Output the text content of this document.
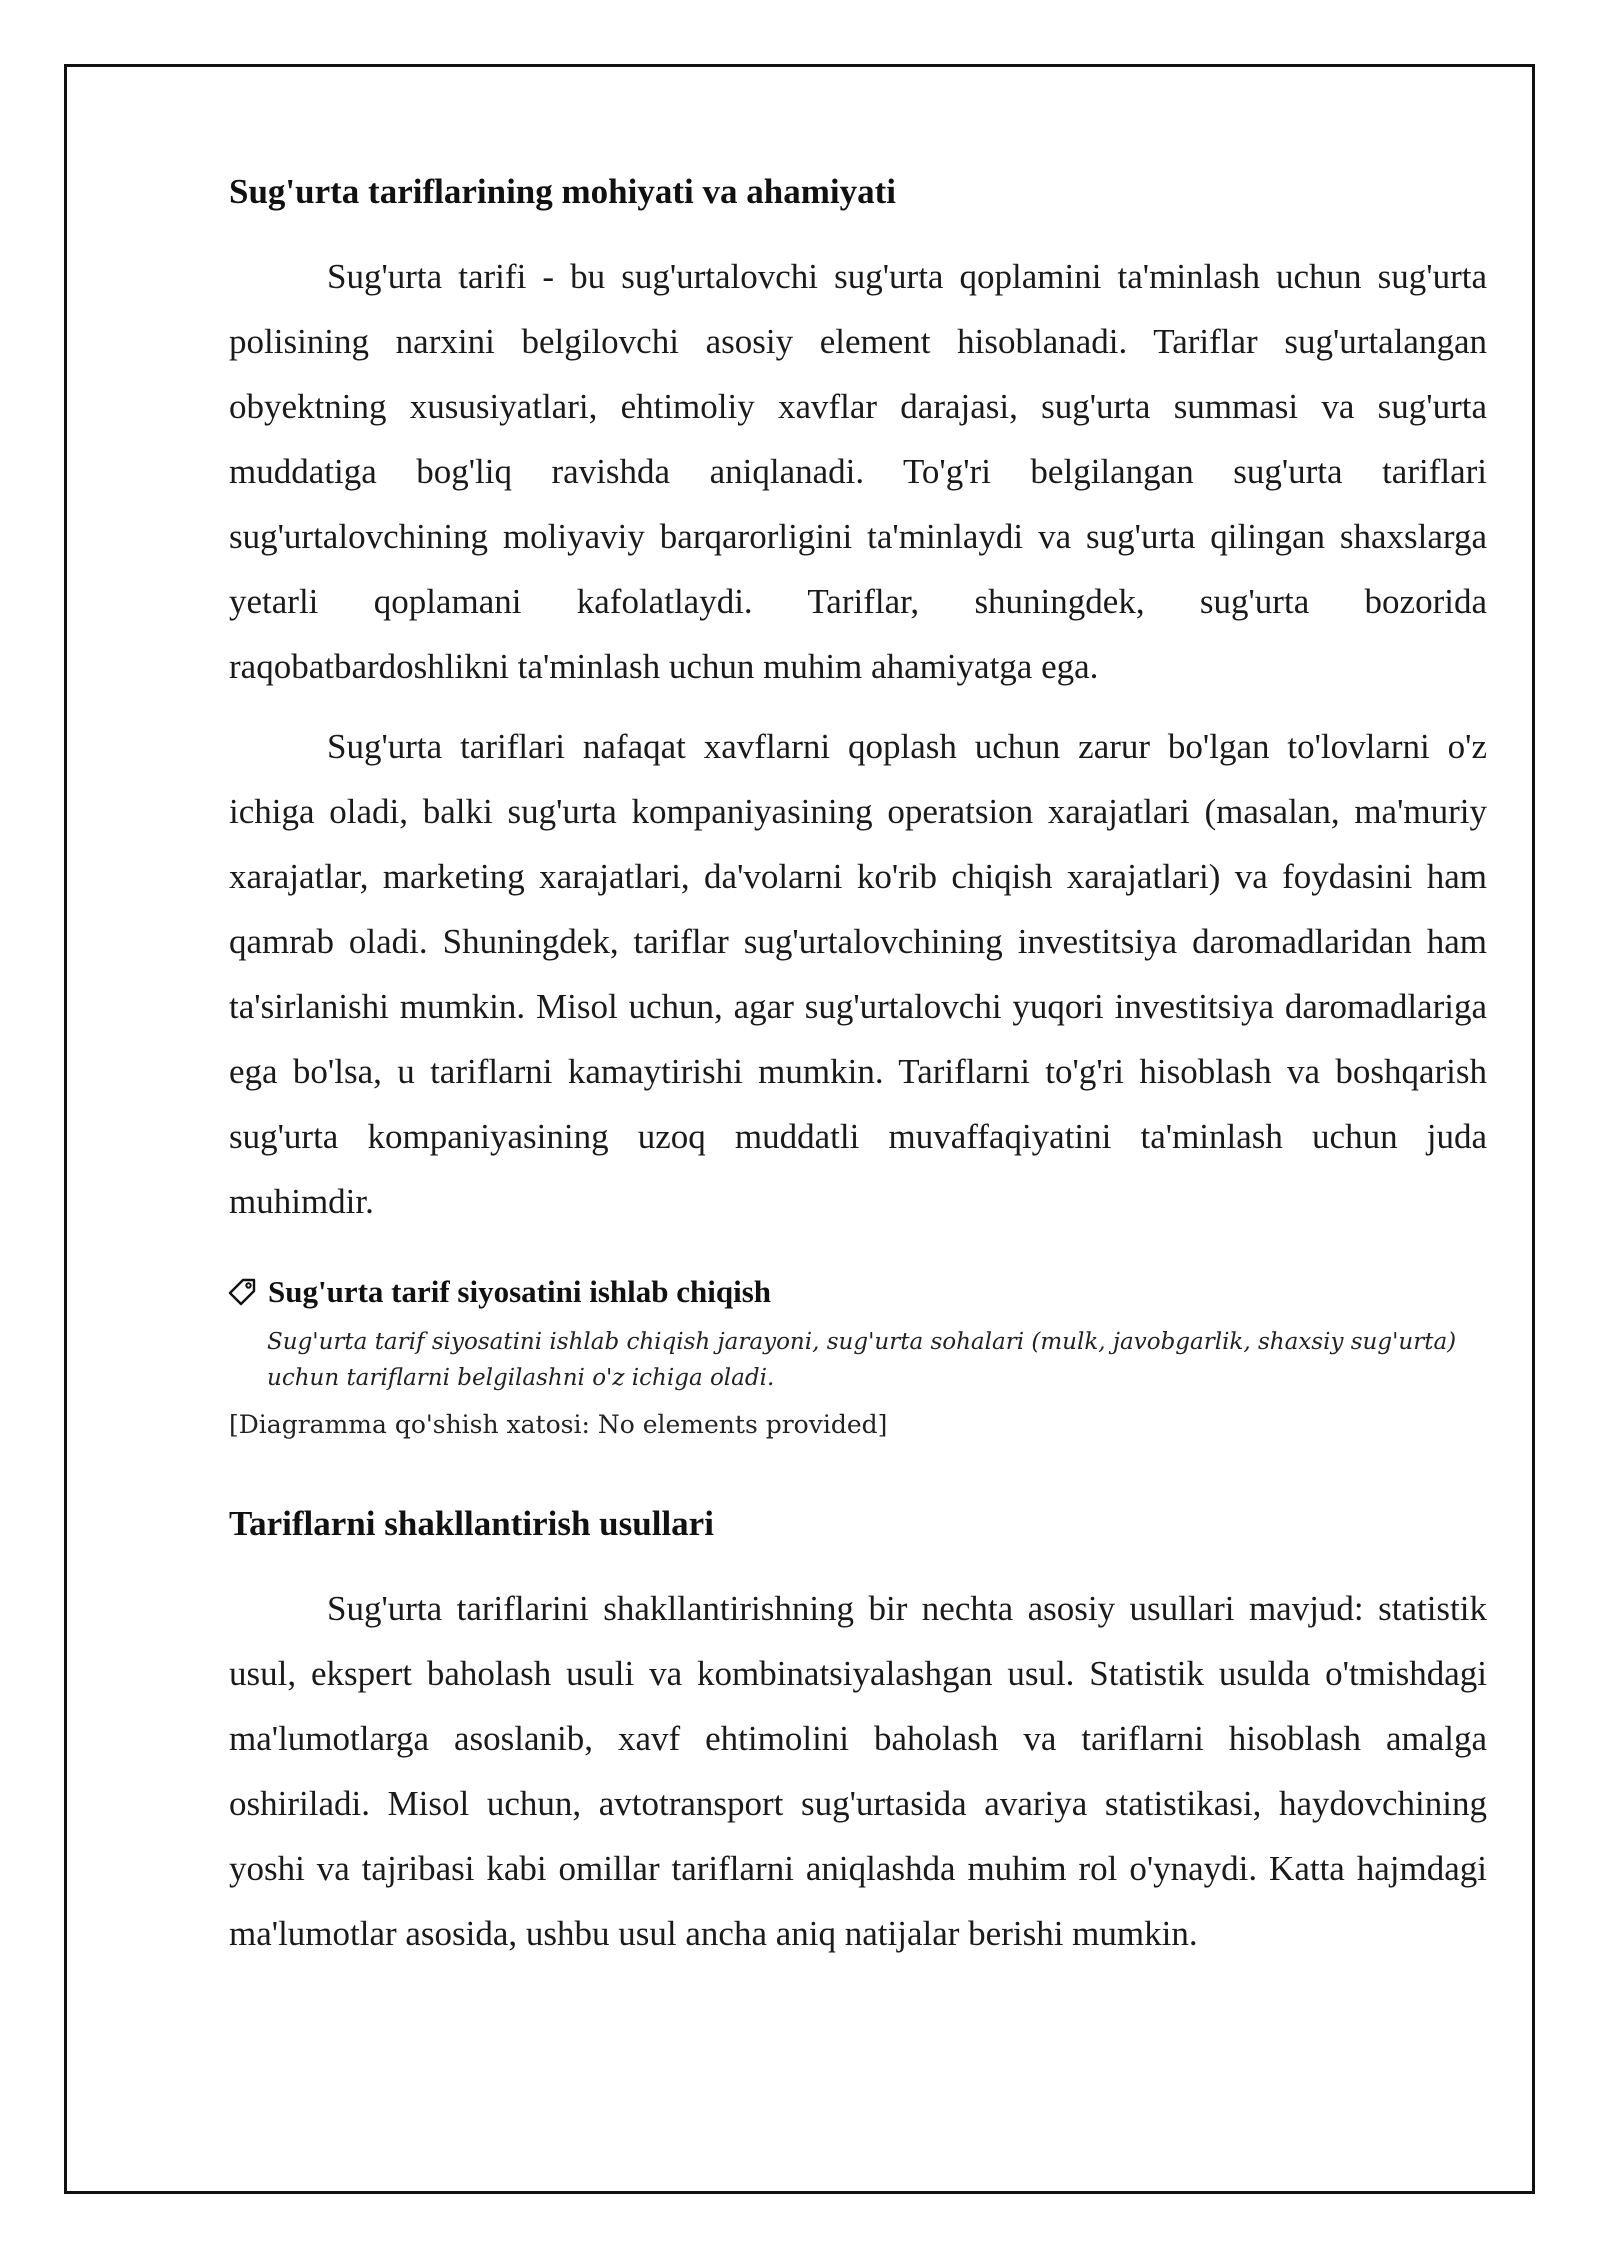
Sug'urta tariflarining mohiyati va ahamiyati

Sug'urta tarifi - bu sug'urtalovchi sug'urta qoplamini ta'minlash uchun sug'urta polisining narxini belgilovchi asosiy element hisoblanadi. Tariflar sug'urtalangan obyektning xususiyatlari, ehtimoliy xavflar darajasi, sug'urta summasi va sug'urta muddatiga bog'liq ravishda aniqlanadi. To'g'ri belgilangan sug'urta tariflari sug'urtalovchining moliyaviy barqarorligini ta'minlaydi va sug'urta qilingan shaxslarga yetarli qoplamani kafolatlaydi. Tariflar, shuningdek, sug'urta bozorida raqobatbardoshlikni ta'minlash uchun muhim ahamiyatga ega.

Sug'urta tariflari nafaqat xavflarni qoplash uchun zarur bo'lgan to'lovlarni o'z ichiga oladi, balki sug'urta kompaniyasining operatsion xarajatlari (masalan, ma'muriy xarajatlar, marketing xarajatlari, da'volarni ko'rib chiqish xarajatlari) va foydasini ham qamrab oladi. Shuningdek, tariflar sug'urtalovchining investitsiya daromadlaridan ham ta'sirlanishi mumkin. Misol uchun, agar sug'urtalovchi yuqori investitsiya daromadlariga ega bo'lsa, u tariflarni kamaytirishi mumkin. Tariflarni to'g'ri hisoblash va boshqarish sug'urta kompaniyasining uzoq muddatli muvaffaqiyatini ta'minlash uchun juda muhimdir.

Sug'urta tarif siyosatini ishlab chiqish
Sug'urta tarif siyosatini ishlab chiqish jarayoni, sug'urta sohalari (mulk, javobgarlik, shaxsiy sug'urta) uchun tariflarni belgilashni o'z ichiga oladi.
[Diagramma qo'shish xatosi: No elements provided]
Tariflarni shakllantirish usullari

Sug'urta tariflarini shakllantirishning bir nechta asosiy usullari mavjud: statistik usul, ekspert baholash usuli va kombinatsiyalashgan usul. Statistik usulda o'tmishdagi ma'lumotlarga asoslanib, xavf ehtimolini baholash va tariflarni hisoblash amalga oshiriladi. Misol uchun, avtotransport sug'urtasida avariya statistikasi, haydovchining yoshi va tajribasi kabi omillar tariflarni aniqlashda muhim rol o'ynaydi. Katta hajmdagi ma'lumotlar asosida, ushbu usul ancha aniq natijalar berishi mumkin.
